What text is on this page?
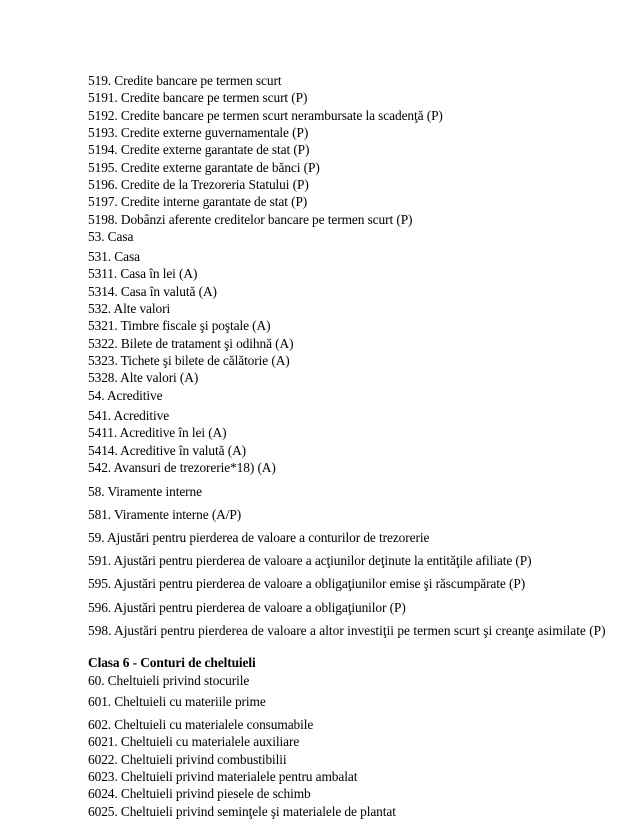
519. Credite bancare pe termen scurt
5191. Credite bancare pe termen scurt (P)
5192. Credite bancare pe termen scurt nerambursate la scadenţă (P)
5193. Credite externe guvernamentale (P)
5194. Credite externe garantate de stat (P)
5195. Credite externe garantate de bănci (P)
5196. Credite de la Trezoreria Statului (P)
5197. Credite interne garantate de stat (P)
5198. Dobânzi aferente creditelor bancare pe termen scurt (P)
53. Casa
531. Casa
5311. Casa în lei (A)
5314. Casa în valută (A)
532. Alte valori
5321. Timbre fiscale şi poştale (A)
5322. Bilete de tratament şi odihnă (A)
5323. Tichete şi bilete de călătorie (A)
5328. Alte valori (A)
54. Acreditive
541. Acreditive
5411. Acreditive în lei (A)
5414. Acreditive în valută (A)
542. Avansuri de trezorerie*18) (A)
58. Viramente interne
581. Viramente interne (A/P)
59. Ajustări pentru pierderea de valoare a conturilor de trezorerie
591. Ajustări pentru pierderea de valoare a acţiunilor deţinute la entităţile afiliate (P)
595. Ajustări pentru pierderea de valoare a obligaţiunilor emise şi răscumpărate (P)
596. Ajustări pentru pierderea de valoare a obligaţiunilor (P)
598. Ajustări pentru pierderea de valoare a altor investiţii pe termen scurt şi creanţe asimilate (P)
Clasa 6 - Conturi de cheltuieli
60. Cheltuieli privind stocurile
601. Cheltuieli cu materiile prime
602. Cheltuieli cu materialele consumabile
6021. Cheltuieli cu materialele auxiliare
6022. Cheltuieli privind combustibilii
6023. Cheltuieli privind materialele pentru ambalat
6024. Cheltuieli privind piesele de schimb
6025. Cheltuieli privind seminţele şi materialele de plantat
